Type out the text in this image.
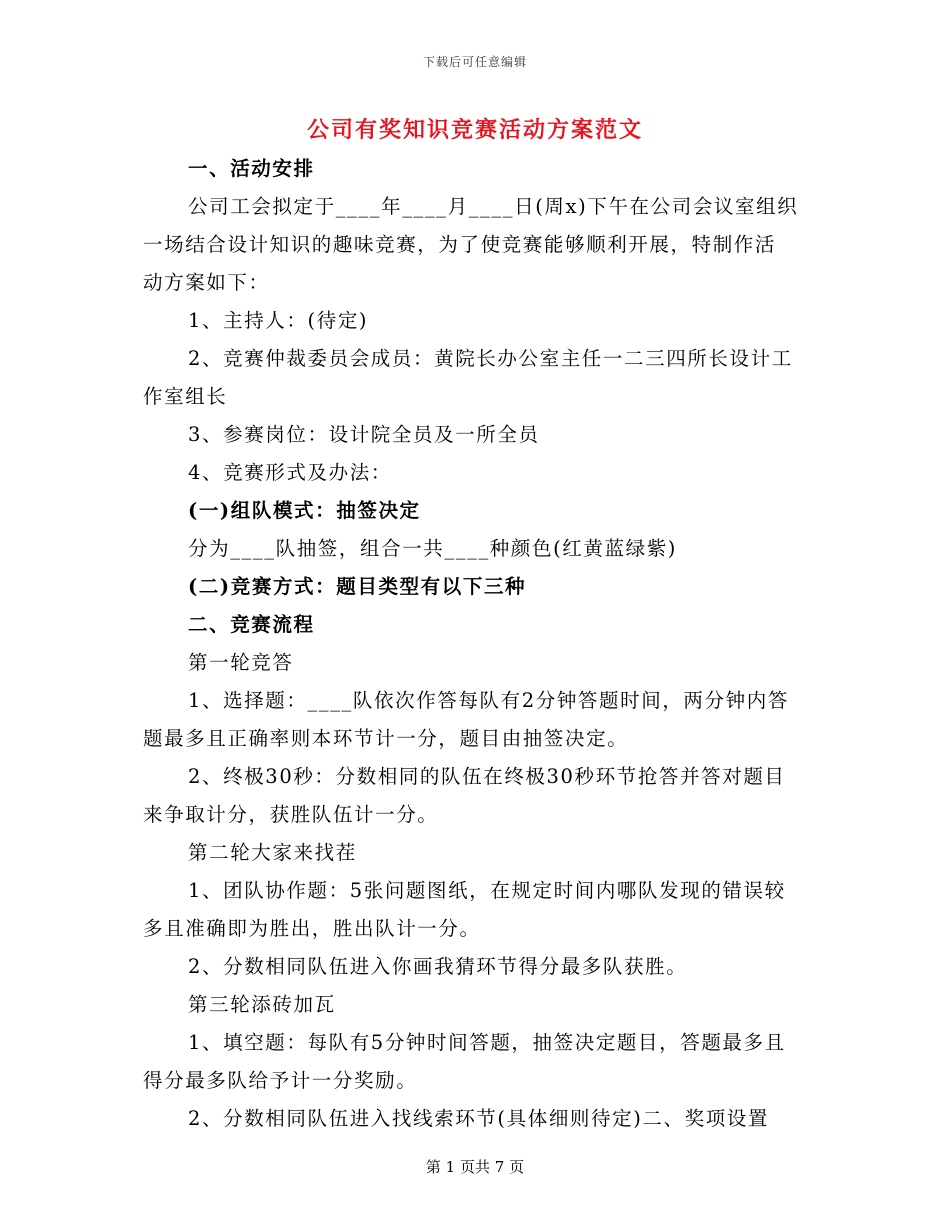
下载后可任意编辑
公司有奖知识竞赛活动方案范文
一、活动安排
公司工会拟定于____年____月____日(周x)下午在公司会议室组织
一场结合设计知识的趣味竞赛，为了使竞赛能够顺利开展，特制作活
动方案如下：
1、主持人：(待定)
2、竞赛仲裁委员会成员：黄院长办公室主任一二三四所长设计工
作室组长
3、参赛岗位：设计院全员及一所全员
4、竞赛形式及办法：
(一)组队模式：抽签决定
分为____队抽签，组合一共____种颜色(红黄蓝绿紫)
(二)竞赛方式：题目类型有以下三种
二、竞赛流程
第一轮竞答
1、选择题：____队依次作答每队有2分钟答题时间，两分钟内答
题最多且正确率则本环节计一分，题目由抽签决定。
2、终极30秒：分数相同的队伍在终极30秒环节抢答并答对题目
来争取计分，获胜队伍计一分。
第二轮大家来找茬
1、团队协作题：5张问题图纸，在规定时间内哪队发现的错误较
多且准确即为胜出，胜出队计一分。
2、分数相同队伍进入你画我猜环节得分最多队获胜。
第三轮添砖加瓦
1、填空题：每队有5分钟时间答题，抽签决定题目，答题最多且
得分最多队给予计一分奖励。
2、分数相同队伍进入找线索环节(具体细则待定)二、奖项设置
第 1 页共 7 页
